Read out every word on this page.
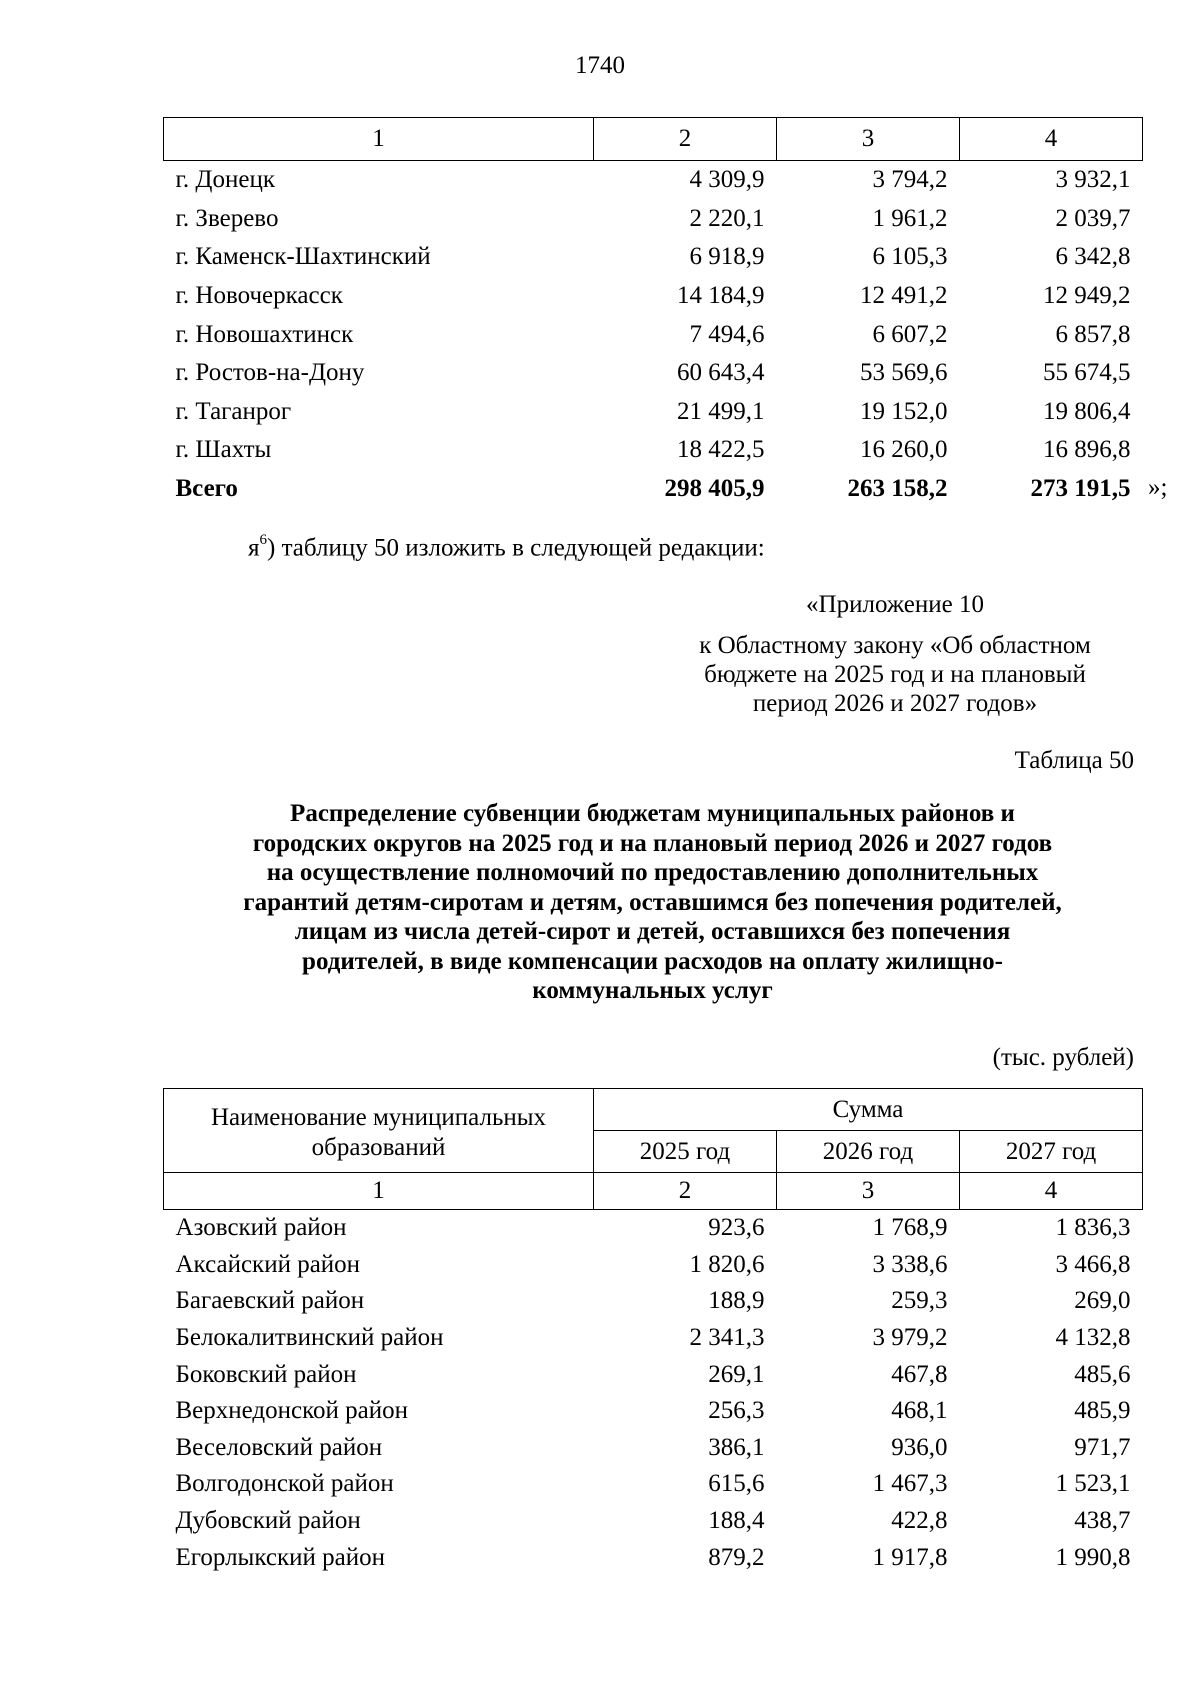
1740
1	2	3	4
г. Донецк	4 309,9	3 794,2	3 932,1
г. Зверево	2 220,1	1 961,2	2 039,7
г. Каменск-Шахтинский	6 918,9	6 105,3	6 342,8
г. Новочеркасск	14 184,9	12 491,2	12 949,2
г. Новошахтинск	7 494,6	6 607,2	6 857,8
г. Ростов-на-Дону	60 643,4	53 569,6	55 674,5
г. Таганрог	21 499,1	19 152,0	19 806,4
г. Шахты	18 422,5	16 260,0	16 896,8
Всего	298 405,9	263 158,2	273 191,5 »;
$я^6$) таблицу 50 изложить в следующей редакции:
«Приложение 10
к Областному закону «Об областном
бюджете на 2025 год и на плановый
период 2026 и 2027 годов»
Таблица 50
Распределение субвенции бюджетам муниципальных районов и
городских округов на 2025 год и на плановый период 2026 и 2027 годов
на осуществление полномочий по предоставлению дополнительных
гарантий детям-сиротам и детям, оставшимся без попечения родителей,
лицам из числа детей-сирот и детей, оставшихся без попечения
родителей, в виде компенсации расходов на оплату жилищно-
коммунальных услуг
(тыс. рублей)
Наименование муниципальных
образований	Сумма		
	2025 год	2026 год	2027 год
1	2	3	4
Азовский район	923,6	1 768,9	1 836,3
Аксайский район	1 820,6	3 338,6	3 466,8
Багаевский район	188,9	259,3	269,0
Белокалитвинский район	2 341,3	3 979,2	4 132,8
Боковский район	269,1	467,8	485,6
Верхнедонской район	256,3	468,1	485,9
Веселовский район	386,1	936,0	971,7
Волгодонской район	615,6	1 467,3	1 523,1
Дубовский район	188,4	422,8	438,7
Егорлыкский район	879,2	1 917,8	1 990,8
